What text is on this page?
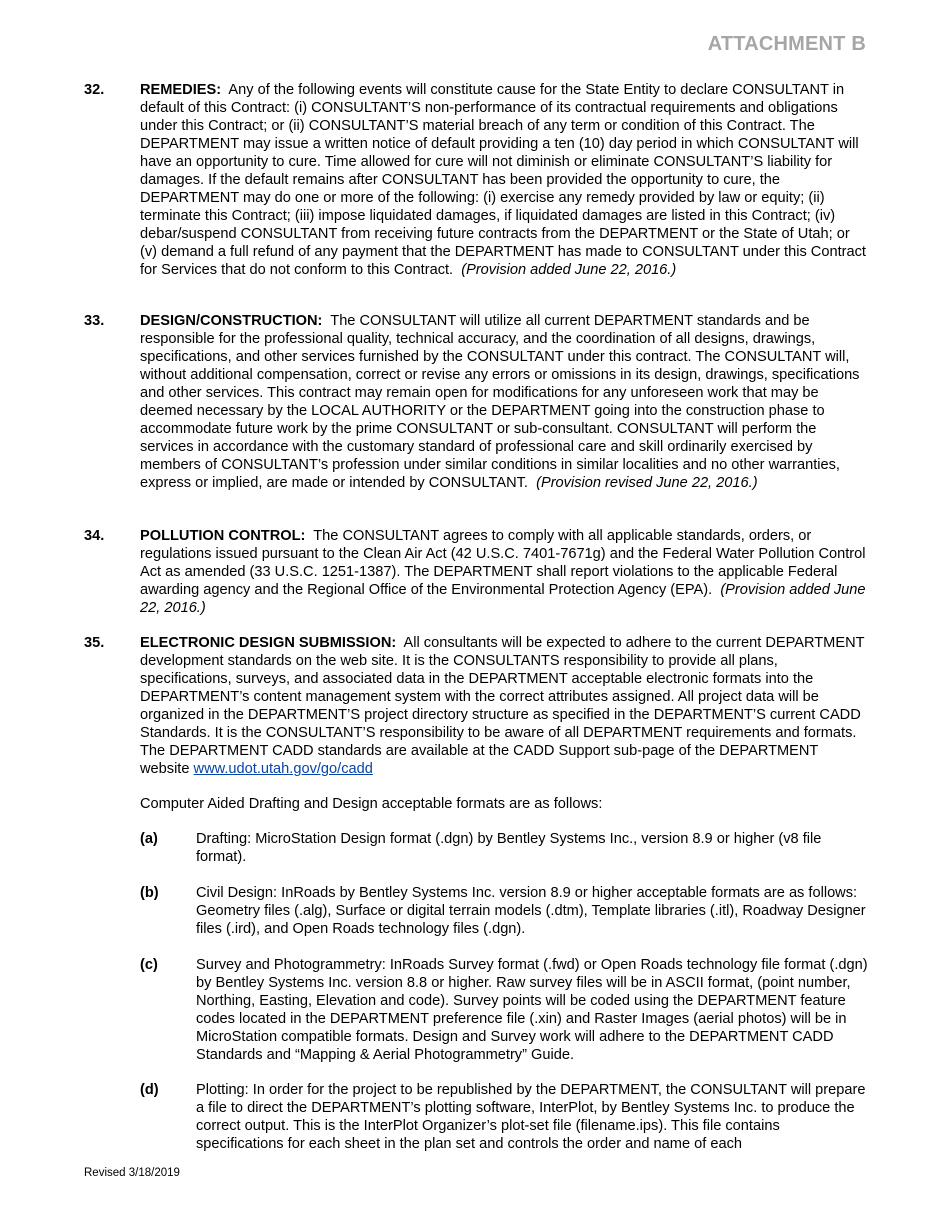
ATTACHMENT B
32. REMEDIES: Any of the following events will constitute cause for the State Entity to declare CONSULTANT in default of this Contract: (i) CONSULTANT’S non-performance of its contractual requirements and obligations under this Contract; or (ii) CONSULTANT’S material breach of any term or condition of this Contract. The DEPARTMENT may issue a written notice of default providing a ten (10) day period in which CONSULTANT will have an opportunity to cure. Time allowed for cure will not diminish or eliminate CONSULTANT’S liability for damages. If the default remains after CONSULTANT has been provided the opportunity to cure, the DEPARTMENT may do one or more of the following: (i) exercise any remedy provided by law or equity; (ii) terminate this Contract; (iii) impose liquidated damages, if liquidated damages are listed in this Contract; (iv) debar/suspend CONSULTANT from receiving future contracts from the DEPARTMENT or the State of Utah; or (v) demand a full refund of any payment that the DEPARTMENT has made to CONSULTANT under this Contract for Services that do not conform to this Contract. (Provision added June 22, 2016.)
33. DESIGN/CONSTRUCTION: The CONSULTANT will utilize all current DEPARTMENT standards and be responsible for the professional quality, technical accuracy, and the coordination of all designs, drawings, specifications, and other services furnished by the CONSULTANT under this contract. The CONSULTANT will, without additional compensation, correct or revise any errors or omissions in its design, drawings, specifications and other services. This contract may remain open for modifications for any unforeseen work that may be deemed necessary by the LOCAL AUTHORITY or the DEPARTMENT going into the construction phase to accommodate future work by the prime CONSULTANT or sub-consultant. CONSULTANT will perform the services in accordance with the customary standard of professional care and skill ordinarily exercised by members of CONSULTANT’s profession under similar conditions in similar localities and no other warranties, express or implied, are made or intended by CONSULTANT. (Provision revised June 22, 2016.)
34. POLLUTION CONTROL: The CONSULTANT agrees to comply with all applicable standards, orders, or regulations issued pursuant to the Clean Air Act (42 U.S.C. 7401-7671g) and the Federal Water Pollution Control Act as amended (33 U.S.C. 1251-1387). The DEPARTMENT shall report violations to the applicable Federal awarding agency and the Regional Office of the Environmental Protection Agency (EPA). (Provision added June 22, 2016.)
35. ELECTRONIC DESIGN SUBMISSION: All consultants will be expected to adhere to the current DEPARTMENT development standards on the web site. It is the CONSULTANTS responsibility to provide all plans, specifications, surveys, and associated data in the DEPARTMENT acceptable electronic formats into the DEPARTMENT’s content management system with the correct attributes assigned. All project data will be organized in the DEPARTMENT’S project directory structure as specified in the DEPARTMENT’S current CADD Standards. It is the CONSULTANT’S responsibility to be aware of all DEPARTMENT requirements and formats. The DEPARTMENT CADD standards are available at the CADD Support sub-page of the DEPARTMENT website www.udot.utah.gov/go/cadd
Computer Aided Drafting and Design acceptable formats are as follows:
(a)	Drafting: MicroStation Design format (.dgn) by Bentley Systems Inc., version 8.9 or higher (v8 file format).
(b)	Civil Design: InRoads by Bentley Systems Inc. version 8.9 or higher acceptable formats are as follows: Geometry files (.alg), Surface or digital terrain models (.dtm), Template libraries (.itl), Roadway Designer files (.ird), and Open Roads technology files (.dgn).
(c)	Survey and Photogrammetry: InRoads Survey format (.fwd) or Open Roads technology file format (.dgn) by Bentley Systems Inc. version 8.8 or higher. Raw survey files will be in ASCII format, (point number, Northing, Easting, Elevation and code). Survey points will be coded using the DEPARTMENT feature codes located in the DEPARTMENT preference file (.xin) and Raster Images (aerial photos) will be in MicroStation compatible formats. Design and Survey work will adhere to the DEPARTMENT CADD Standards and “Mapping & Aerial Photogrammetry” Guide.
(d)	Plotting: In order for the project to be republished by the DEPARTMENT, the CONSULTANT will prepare a file to direct the DEPARTMENT’s plotting software, InterPlot, by Bentley Systems Inc. to produce the correct output. This is the InterPlot Organizer’s plot-set file (filename.ips). This file contains specifications for each sheet in the plan set and controls the order and name of each
Revised 3/18/2019
